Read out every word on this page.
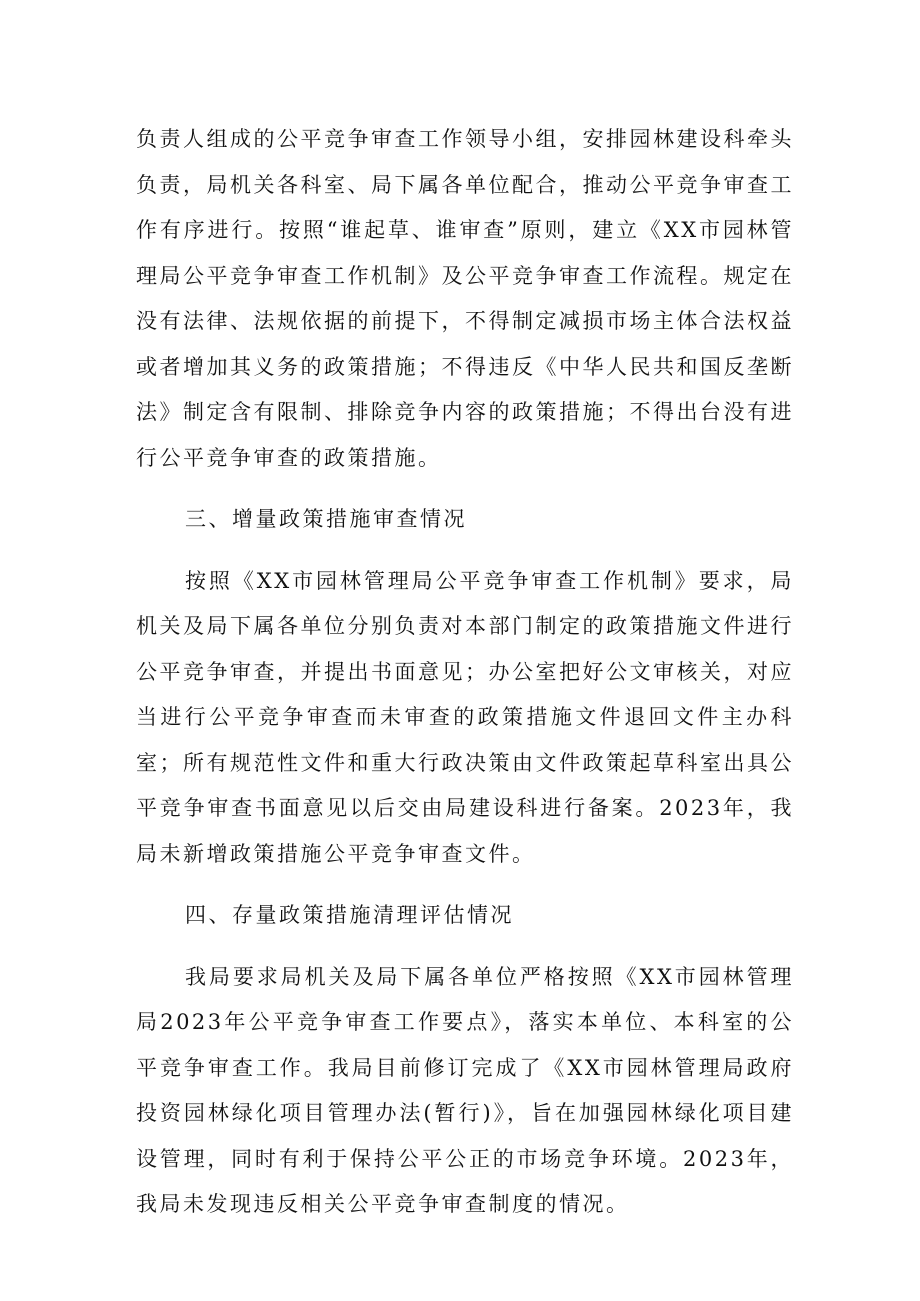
负责人组成的公平竞争审查工作领导小组，安排园林建设科牵头负责，局机关各科室、局下属各单位配合，推动公平竞争审查工作有序进行。按照“谁起草、谁审查”原则，建立《XX市园林管理局公平竞争审查工作机制》及公平竞争审查工作流程。规定在没有法律、法规依据的前提下，不得制定减损市场主体合法权益或者增加其义务的政策措施；不得违反《中华人民共和国反垄断法》制定含有限制、排除竞争内容的政策措施；不得出台没有进行公平竞争审查的政策措施。

三、增量政策措施审查情况

按照《XX市园林管理局公平竞争审查工作机制》要求，局机关及局下属各单位分别负责对本部门制定的政策措施文件进行公平竞争审查，并提出书面意见；办公室把好公文审核关，对应当进行公平竞争审查而未审查的政策措施文件退回文件主办科室；所有规范性文件和重大行政决策由文件政策起草科室出具公平竞争审查书面意见以后交由局建设科进行备案。2023年，我局未新增政策措施公平竞争审查文件。

四、存量政策措施清理评估情况

我局要求局机关及局下属各单位严格按照《XX市园林管理局2023年公平竞争审查工作要点》，落实本单位、本科室的公平竞争审查工作。我局目前修订完成了《XX市园林管理局政府投资园林绿化项目管理办法(暂行)》，旨在加强园林绿化项目建设管理，同时有利于保持公平公正的市场竞争环境。2023年，我局未发现违反相关公平竞争审查制度的情况。
